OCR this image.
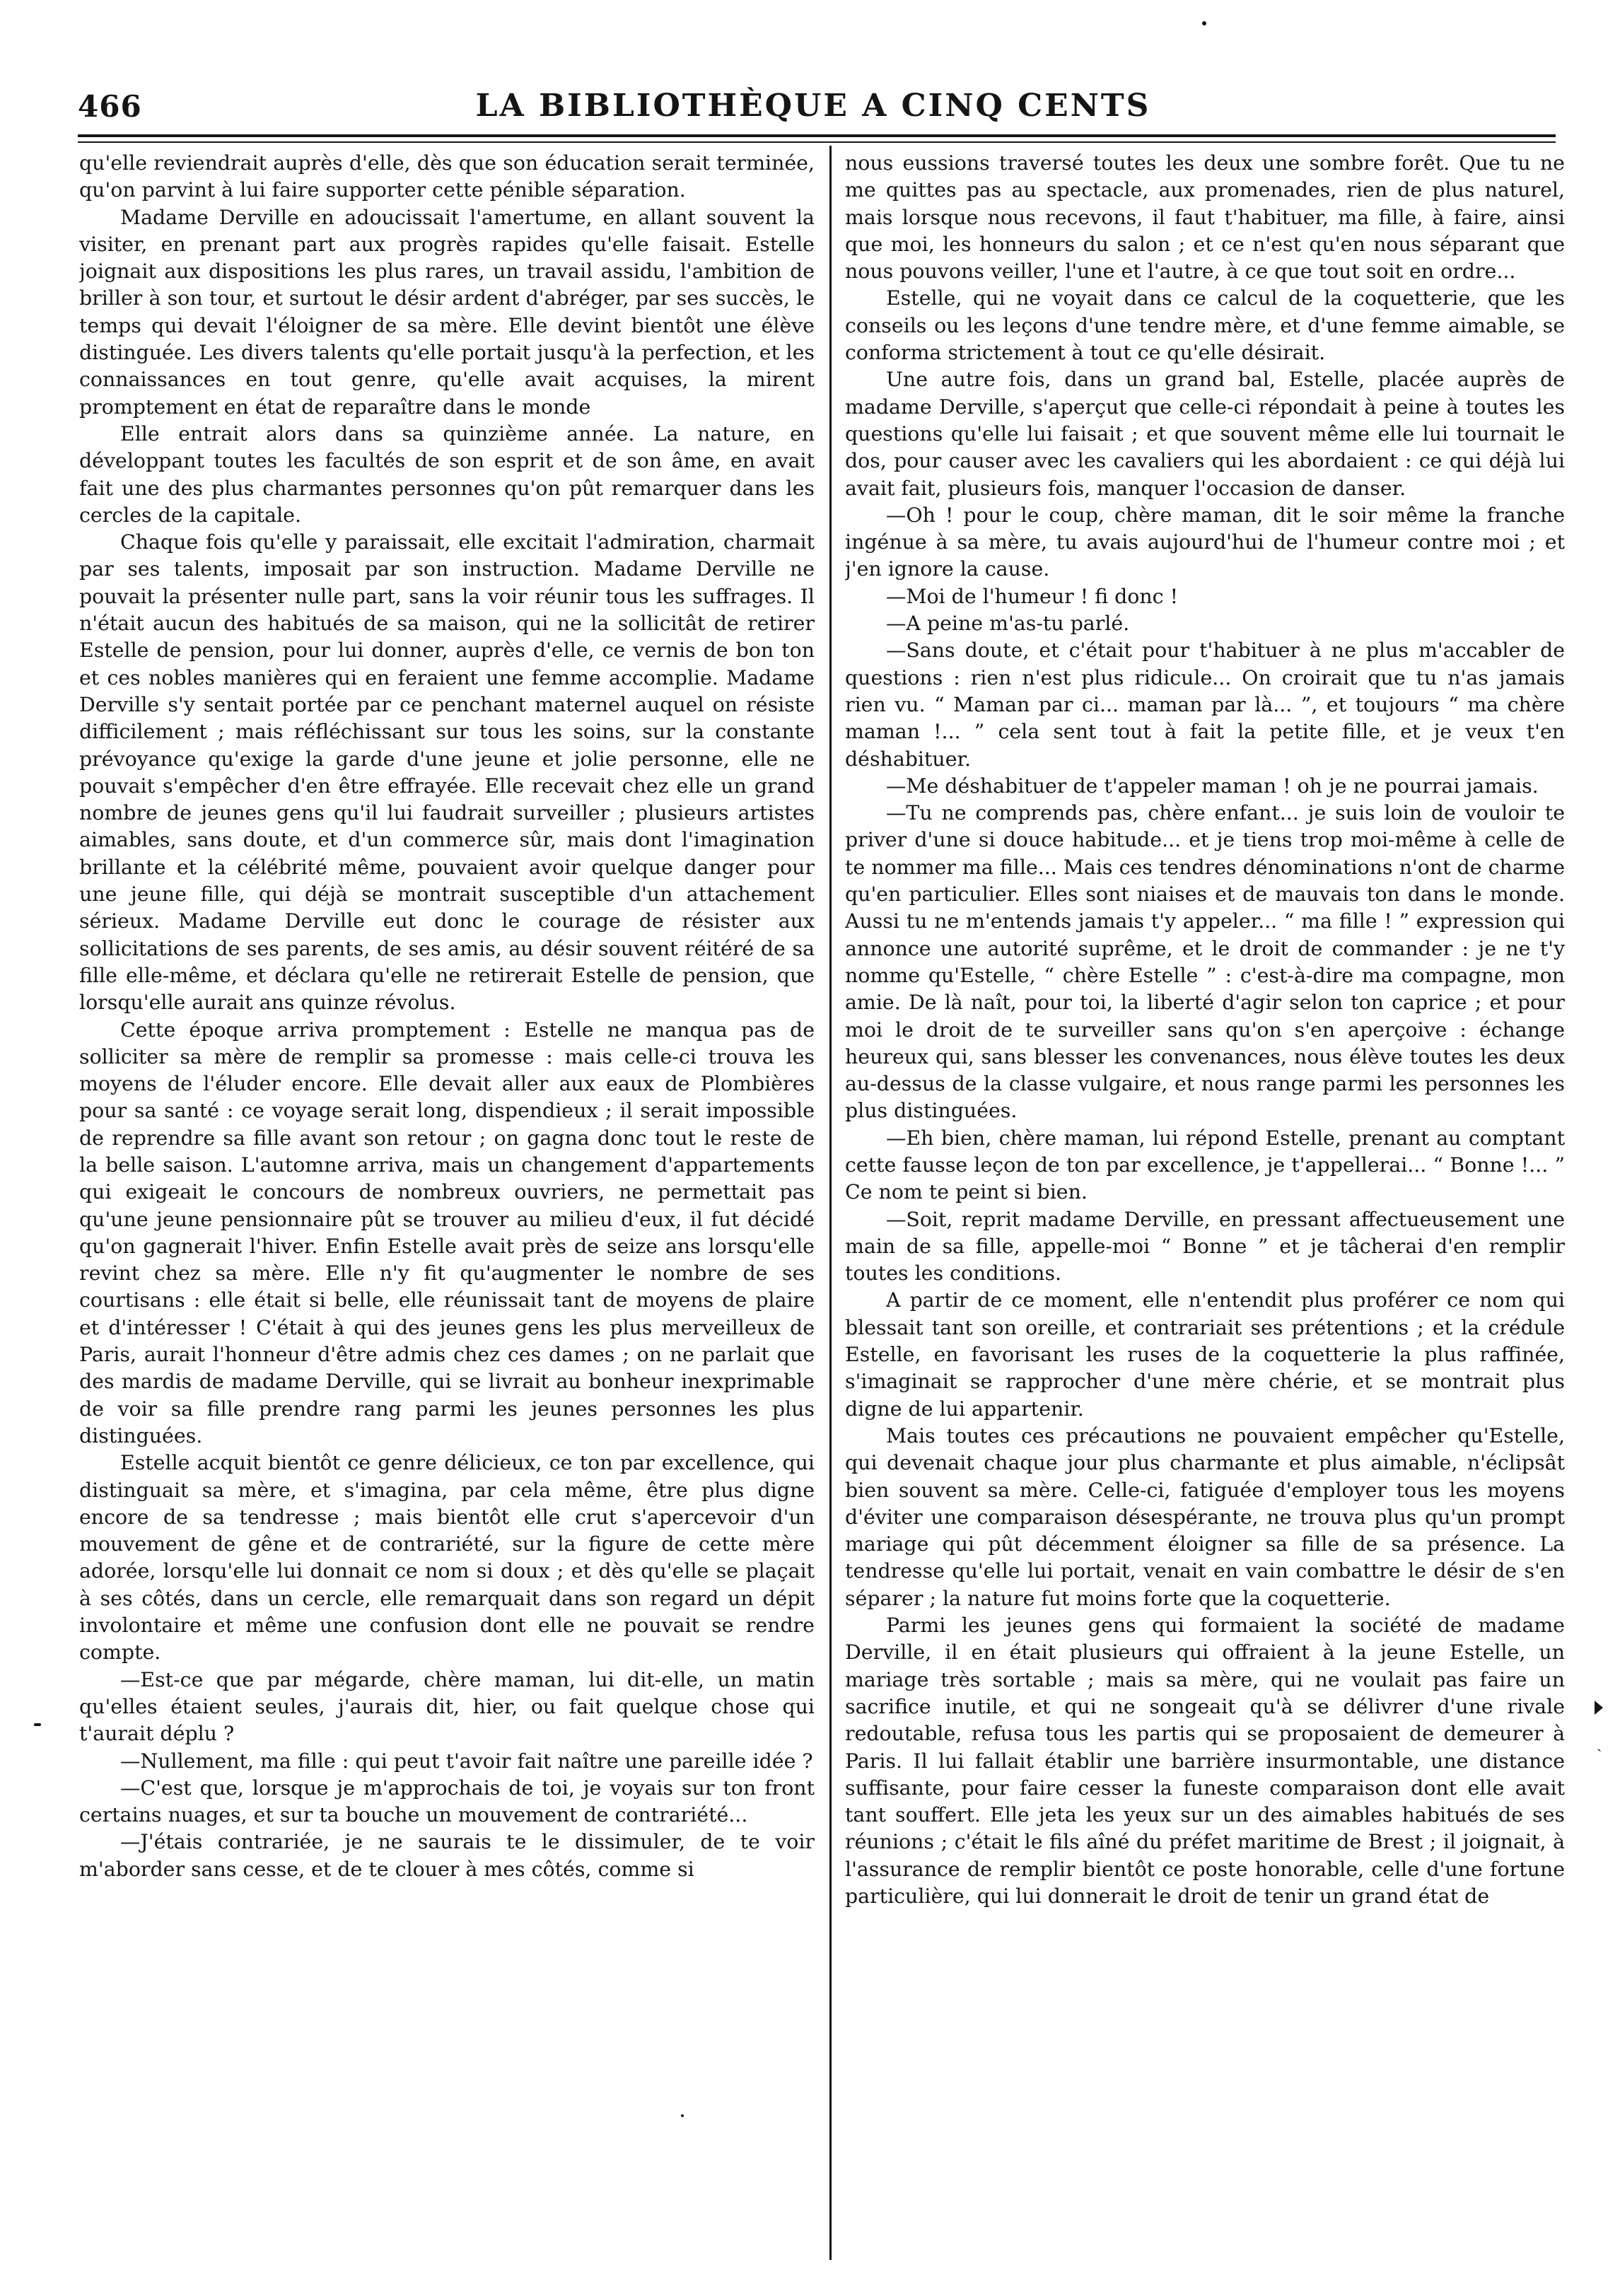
466	LA BIBLIOTHÈQUE A CINQ CENTS

qu'elle reviendrait auprès d'elle, dès que son éducation serait terminée, qu'on parvint à lui faire supporter cette pénible séparation.

Madame Derville en adoucissait l'amertume, en allant souvent la visiter, en prenant part aux progrès rapides qu'elle faisait. Estelle joignait aux dispositions les plus rares, un travail assidu, l'ambition de briller à son tour, et surtout le désir ardent d'abréger, par ses succès, le temps qui devait l'éloigner de sa mère. Elle devint bientôt une élève distinguée. Les divers talents qu'elle portait jusqu'à la perfection, et les connaissances en tout genre, qu'elle avait acquises, la mirent promptement en état de reparaître dans le monde

Elle entrait alors dans sa quinzième année. La nature, en développant toutes les facultés de son esprit et de son âme, en avait fait une des plus charmantes personnes qu'on pût remarquer dans les cercles de la capitale.

Chaque fois qu'elle y paraissait, elle excitait l'admiration, charmait par ses talents, imposait par son instruction. Madame Derville ne pouvait la présenter nulle part, sans la voir réunir tous les suffrages. Il n'était aucun des habitués de sa maison, qui ne la sollicitât de retirer Estelle de pension, pour lui donner, auprès d'elle, ce vernis de bon ton et ces nobles manières qui en feraient une femme accomplie. Madame Derville s'y sentait portée par ce penchant maternel auquel on résiste difficilement ; mais réfléchissant sur tous les soins, sur la constante prévoyance qu'exige la garde d'une jeune et jolie personne, elle ne pouvait s'empêcher d'en être effrayée. Elle recevait chez elle un grand nombre de jeunes gens qu'il lui faudrait surveiller ; plusieurs artistes aimables, sans doute, et d'un commerce sûr, mais dont l'imagination brillante et la célébrité même, pouvaient avoir quelque danger pour une jeune fille, qui déjà se montrait susceptible d'un attachement sérieux. Madame Derville eut donc le courage de résister aux sollicitations de ses parents, de ses amis, au désir souvent réitéré de sa fille elle-même, et déclara qu'elle ne retirerait Estelle de pension, que lorsqu'elle aurait ans quinze révolus.

Cette époque arriva promptement : Estelle ne manqua pas de solliciter sa mère de remplir sa promesse : mais celle-ci trouva les moyens de l'éluder encore. Elle devait aller aux eaux de Plombières pour sa santé : ce voyage serait long, dispendieux ; il serait impossible de reprendre sa fille avant son retour ; on gagna donc tout le reste de la belle saison. L'automne arriva, mais un changement d'appartements qui exigeait le concours de nombreux ouvriers, ne permettait pas qu'une jeune pensionnaire pût se trouver au milieu d'eux, il fut décidé qu'on gagnerait l'hiver. Enfin Estelle avait près de seize ans lorsqu'elle revint chez sa mère. Elle n'y fit qu'augmenter le nombre de ses courtisans : elle était si belle, elle réunissait tant de moyens de plaire et d'intéresser ! C'était à qui des jeunes gens les plus merveilleux de Paris, aurait l'honneur d'être admis chez ces dames ; on ne parlait que des mardis de madame Derville, qui se livrait au bonheur inexprimable de voir sa fille prendre rang parmi les jeunes personnes les plus distinguées.

Estelle acquit bientôt ce genre délicieux, ce ton par excellence, qui distinguait sa mère, et s'imagina, par cela même, être plus digne encore de sa tendresse ; mais bientôt elle crut s'apercevoir d'un mouvement de gêne et de contrariété, sur la figure de cette mère adorée, lorsqu'elle lui donnait ce nom si doux ; et dès qu'elle se plaçait à ses côtés, dans un cercle, elle remarquait dans son regard un dépit involontaire et même une confusion dont elle ne pouvait se rendre compte.

—Est-ce que par mégarde, chère maman, lui dit-elle, un matin qu'elles étaient seules, j'aurais dit, hier, ou fait quelque chose qui t'aurait déplu ?

—Nullement, ma fille : qui peut t'avoir fait naître une pareille idée ?

—C'est que, lorsque je m'approchais de toi, je voyais sur ton front certains nuages, et sur ta bouche un mouvement de contrariété...

—J'étais contrariée, je ne saurais te le dissimuler, de te voir m'aborder sans cesse, et de te clouer à mes côtés, comme si

nous eussions traversé toutes les deux une sombre forêt. Que tu ne me quittes pas au spectacle, aux promenades, rien de plus naturel, mais lorsque nous recevons, il faut t'habituer, ma fille, à faire, ainsi que moi, les honneurs du salon ; et ce n'est qu'en nous séparant que nous pouvons veiller, l'une et l'autre, à ce que tout soit en ordre...

Estelle, qui ne voyait dans ce calcul de la coquetterie, que les conseils ou les leçons d'une tendre mère, et d'une femme aimable, se conforma strictement à tout ce qu'elle désirait.

Une autre fois, dans un grand bal, Estelle, placée auprès de madame Derville, s'aperçut que celle-ci répondait à peine à toutes les questions qu'elle lui faisait ; et que souvent même elle lui tournait le dos, pour causer avec les cavaliers qui les abordaient : ce qui déjà lui avait fait, plusieurs fois, manquer l'occasion de danser.

—Oh ! pour le coup, chère maman, dit le soir même la franche ingénue à sa mère, tu avais aujourd'hui de l'humeur contre moi ; et j'en ignore la cause.

—Moi de l'humeur ! fi donc !

—A peine m'as-tu parlé.

—Sans doute, et c'était pour t'habituer à ne plus m'accabler de questions : rien n'est plus ridicule... On croirait que tu n'as jamais rien vu. “ Maman par ci... maman par là... ”, et toujours “ ma chère maman !... ” cela sent tout à fait la petite fille, et je veux t'en déshabituer.

—Me déshabituer de t'appeler maman ! oh je ne pourrai jamais.

—Tu ne comprends pas, chère enfant... je suis loin de vouloir te priver d'une si douce habitude... et je tiens trop moi-même à celle de te nommer ma fille... Mais ces tendres dénominations n'ont de charme qu'en particulier. Elles sont niaises et de mauvais ton dans le monde. Aussi tu ne m'entends jamais t'y appeler... “ ma fille ! ” expression qui annonce une autorité suprême, et le droit de commander : je ne t'y nomme qu'Estelle, “ chère Estelle ” : c'est-à-dire ma compagne, mon amie. De là naît, pour toi, la liberté d'agir selon ton caprice ; et pour moi le droit de te surveiller sans qu'on s'en aperçoive : échange heureux qui, sans blesser les convenances, nous élève toutes les deux au-dessus de la classe vulgaire, et nous range parmi les personnes les plus distinguées.

—Eh bien, chère maman, lui répond Estelle, prenant au comptant cette fausse leçon de ton par excellence, je t'appellerai... “ Bonne !... ” Ce nom te peint si bien.

—Soit, reprit madame Derville, en pressant affectueusement une main de sa fille, appelle-moi “ Bonne ” et je tâcherai d'en remplir toutes les conditions.

A partir de ce moment, elle n'entendit plus proférer ce nom qui blessait tant son oreille, et contrariait ses prétentions ; et la crédule Estelle, en favorisant les ruses de la coquetterie la plus raffinée, s'imaginait se rapprocher d'une mère chérie, et se montrait plus digne de lui appartenir.

Mais toutes ces précautions ne pouvaient empêcher qu'Estelle, qui devenait chaque jour plus charmante et plus aimable, n'éclipsât bien souvent sa mère. Celle-ci, fatiguée d'employer tous les moyens d'éviter une comparaison désespérante, ne trouva plus qu'un prompt mariage qui pût décemment éloigner sa fille de sa présence. La tendresse qu'elle lui portait, venait en vain combattre le désir de s'en séparer ; la nature fut moins forte que la coquetterie.

Parmi les jeunes gens qui formaient la société de madame Derville, il en était plusieurs qui offraient à la jeune Estelle, un mariage très sortable ; mais sa mère, qui ne voulait pas faire un sacrifice inutile, et qui ne songeait qu'à se délivrer d'une rivale redoutable, refusa tous les partis qui se proposaient de demeurer à Paris. Il lui fallait établir une barrière insurmontable, une distance suffisante, pour faire cesser la funeste comparaison dont elle avait tant souffert. Elle jeta les yeux sur un des aimables habitués de ses réunions ; c'était le fils aîné du préfet maritime de Brest ; il joignait, à l'assurance de remplir bientôt ce poste honorable, celle d'une fortune particulière, qui lui donnerait le droit de tenir un grand état de

ˎ
